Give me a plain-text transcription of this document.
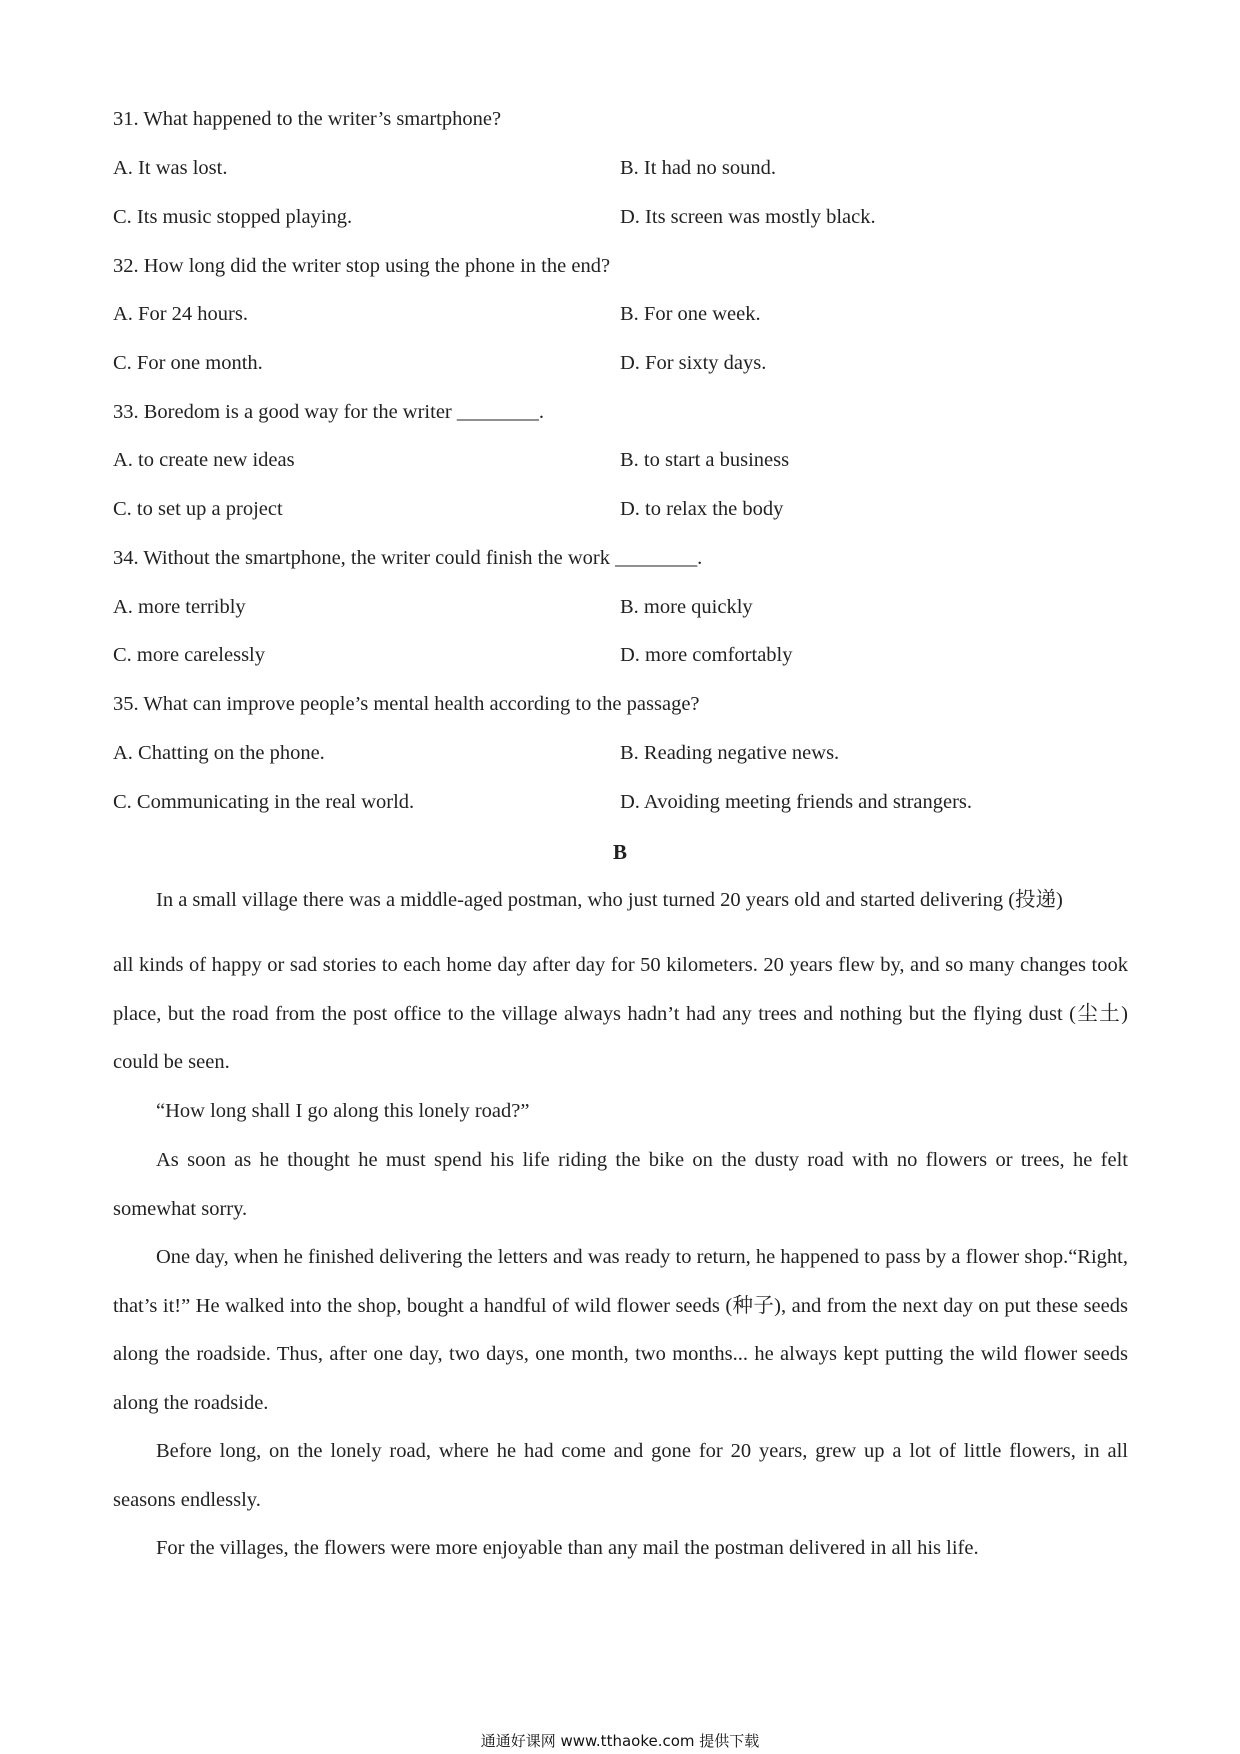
31. What happened to the writer’s smartphone?
A. It was lost.	B. It had no sound.
C. Its music stopped playing.	D. Its screen was mostly black.
32. How long did the writer stop using the phone in the end?
A. For 24 hours.	B. For one week.
C. For one month.	D. For sixty days.
33. Boredom is a good way for the writer ________.
A. to create new ideas	B. to start a business
C. to set up a project	D. to relax the body
34. Without the smartphone, the writer could finish the work ________.
A. more terribly	B. more quickly
C. more carelessly	D. more comfortably
35. What can improve people’s mental health according to the passage?
A. Chatting on the phone.	B. Reading negative news.
C. Communicating in the real world.	D. Avoiding meeting friends and strangers.
B
In a small village there was a middle-aged postman, who just turned 20 years old and started delivering (投递)
all kinds of happy or sad stories to each home day after day for 50 kilometers. 20 years flew by, and so many changes took place, but the road from the post office to the village always hadn’t had any trees and nothing but the flying dust (尘土) could be seen.
“How long shall I go along this lonely road?”
As soon as he thought he must spend his life riding the bike on the dusty road with no flowers or trees, he felt somewhat sorry.
One day, when he finished delivering the letters and was ready to return, he happened to pass by a flower shop.“Right, that’s it!” He walked into the shop, bought a handful of wild flower seeds (种子), and from the next day on put these seeds along the roadside. Thus, after one day, two days, one month, two months... he always kept putting the wild flower seeds along the roadside.
Before long, on the lonely road, where he had come and gone for 20 years, grew up a lot of little flowers, in all seasons endlessly.
For the villages, the flowers were more enjoyable than any mail the postman delivered in all his life.
通通好课网 www.tthaoke.com 提供下载
